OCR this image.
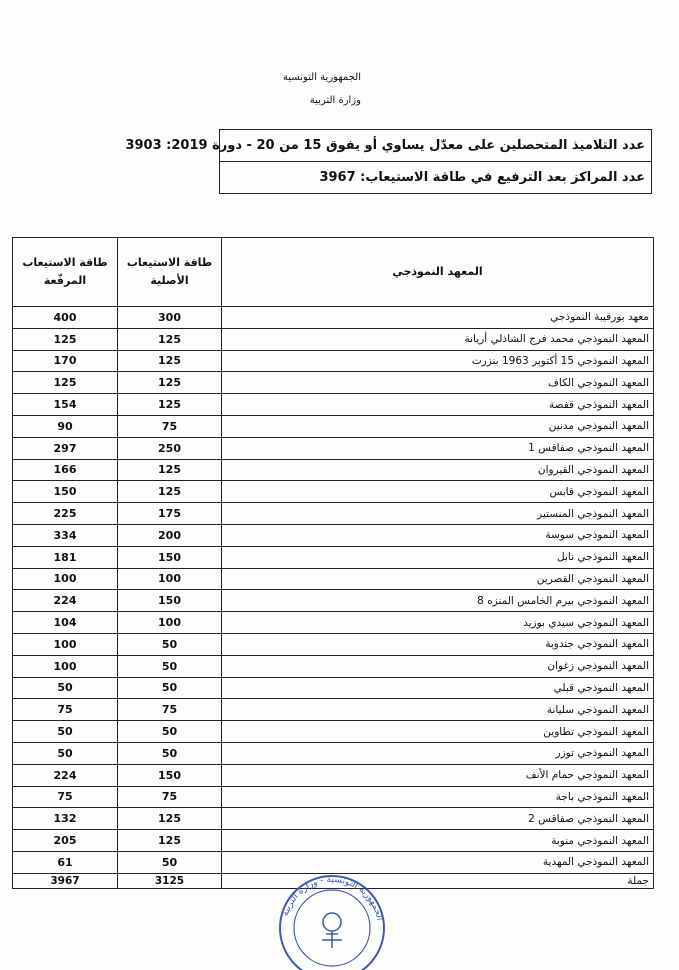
الجمهورية التونسية
وزارة التربية
عدد التلاميذ المتحصلين على معدّل يساوي أو يفوق 15 من 20 - دورة 2019: 3903
عدد المراكز بعد الترفيع في طاقة الاستيعاب: 3967
المعهد النموذجي	طاقة الاستيعاب الأصلية	طاقة الاستيعاب المرفّعة
معهد بورقيبة النموذجي	300	400
المعهد النموذجي محمد فرج الشاذلي أريانة	125	125
المعهد النموذجي 15 أكتوبر 1963 بنزرت	125	170
المعهد النموذجي الكاف	125	125
المعهد النموذجي قفصة	125	154
المعهد النموذجي مدنين	75	90
المعهد النموذجي صفاقس 1	250	297
المعهد النموذجي القيروان	125	166
المعهد النموذجي قابس	125	150
المعهد النموذجي المنستير	175	225
المعهد النموذجي سوسة	200	334
المعهد النموذجي نابل	150	181
المعهد النموذجي القصرين	100	100
المعهد النموذجي بيرم الخامس المنزه 8	150	224
المعهد النموذجي سيدي بوزيد	100	104
المعهد النموذجي جندوبة	50	100
المعهد النموذجي زغوان	50	100
المعهد النموذجي قبلي	50	50
المعهد النموذجي سليانة	75	75
المعهد النموذجي تطاوين	50	50
المعهد النموذجي توزر	50	50
المعهد النموذجي حمام الأنف	150	224
المعهد النموذجي باجة	75	75
المعهد النموذجي صفاقس 2	125	132
المعهد النموذجي منوبة	125	205
المعهد النموذجي المهدية	50	61
جملة	3125	3967
الجمهورية التونسية - وزارة التربية
